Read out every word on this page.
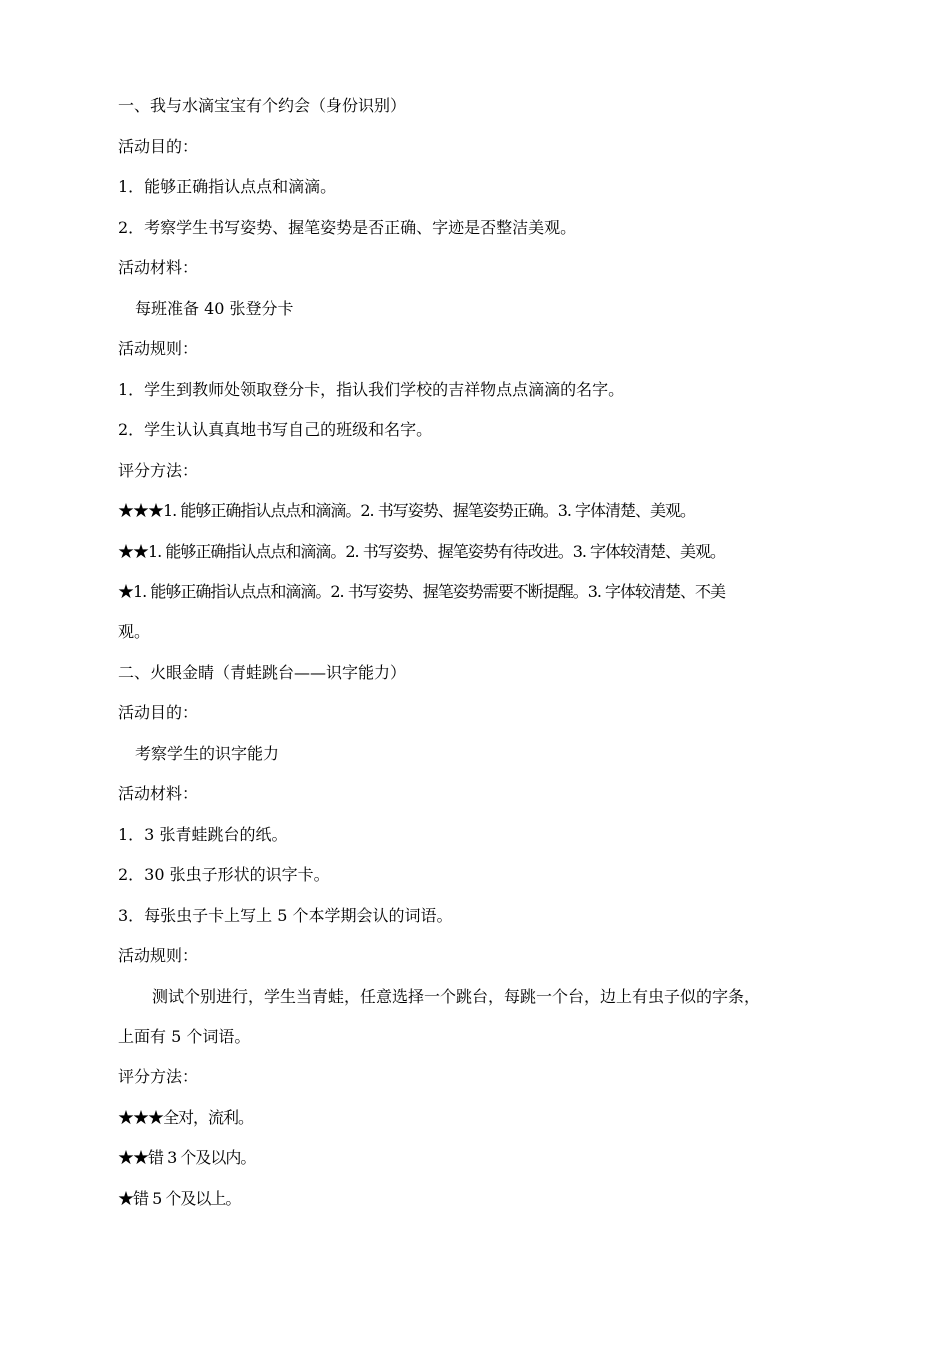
一、我与水滴宝宝有个约会（身份识别）
活动目的：
1．能够正确指认点点和滴滴。
2．考察学生书写姿势、握笔姿势是否正确、字迹是否整洁美观。
活动材料：
每班准备 40 张登分卡
活动规则：
1．学生到教师处领取登分卡，指认我们学校的吉祥物点点滴滴的名字。
2．学生认认真真地书写自己的班级和名字。
评分方法：
★★★1. 能够正确指认点点和滴滴。2. 书写姿势、握笔姿势正确。3. 字体清楚、美观。
★★1. 能够正确指认点点和滴滴。2. 书写姿势、握笔姿势有待改进。3. 字体较清楚、美观。
★1. 能够正确指认点点和滴滴。2. 书写姿势、握笔姿势需要不断提醒。3. 字体较清楚、不美
观。
二、火眼金睛（青蛙跳台——识字能力）
活动目的：
考察学生的识字能力
活动材料：
1．3 张青蛙跳台的纸。
2．30 张虫子形状的识字卡。
3．每张虫子卡上写上 5 个本学期会认的词语。
活动规则：
测试个别进行，学生当青蛙，任意选择一个跳台，每跳一个台，边上有虫子似的字条，
上面有 5 个词语。
评分方法：
★★★全对，流利。
★★错 3 个及以内。
★错 5 个及以上。
